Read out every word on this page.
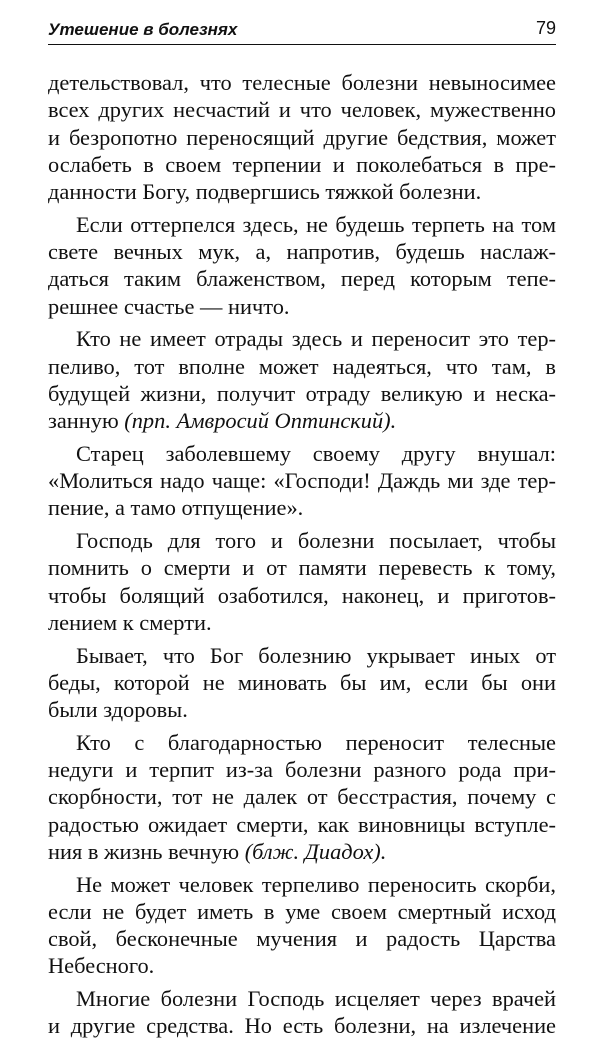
Утешение в болезнях	79
детельствовал, что телесные болезни невыносимее
всех других несчастий и что человек, мужественно
и безропотно переносящий другие бедствия, может
ослабеть в своем терпении и поколебаться в пре-
данности Богу, подвергшись тяжкой болезни.
Если оттерпелся здесь, не будешь терпеть на том
свете вечных мук, а, напротив, будешь наслаж-
даться таким блаженством, перед которым тепе-
решнее счастье — ничто.
Кто не имеет отрады здесь и переносит это тер-
пеливо, тот вполне может надеяться, что там, в
будущей жизни, получит отраду великую и неска-
занную (прп. Амвросий Оптинский).
Старец заболевшему своему другу внушал:
«Молиться надо чаще: «Господи! Даждь ми зде тер-
пение, а тамо отпущение».
Господь для того и болезни посылает, чтобы
помнить о смерти и от памяти перевесть к тому,
чтобы болящий озаботился, наконец, и приготов-
лением к смерти.
Бывает, что Бог болезнию укрывает иных от
беды, которой не миновать бы им, если бы они
были здоровы.
Кто с благодарностью переносит телесные
недуги и терпит из-за болезни разного рода при-
скорбности, тот не далек от бесстрастия, почему с
радостью ожидает смерти, как виновницы вступле-
ния в жизнь вечную (блж. Диадох).
Не может человек терпеливо переносить скорби,
если не будет иметь в уме своем смертный исход
свой, бесконечные мучения и радость Царства
Небесного.
Многие болезни Господь исцеляет через врачей
и другие средства. Но есть болезни, на излечение
